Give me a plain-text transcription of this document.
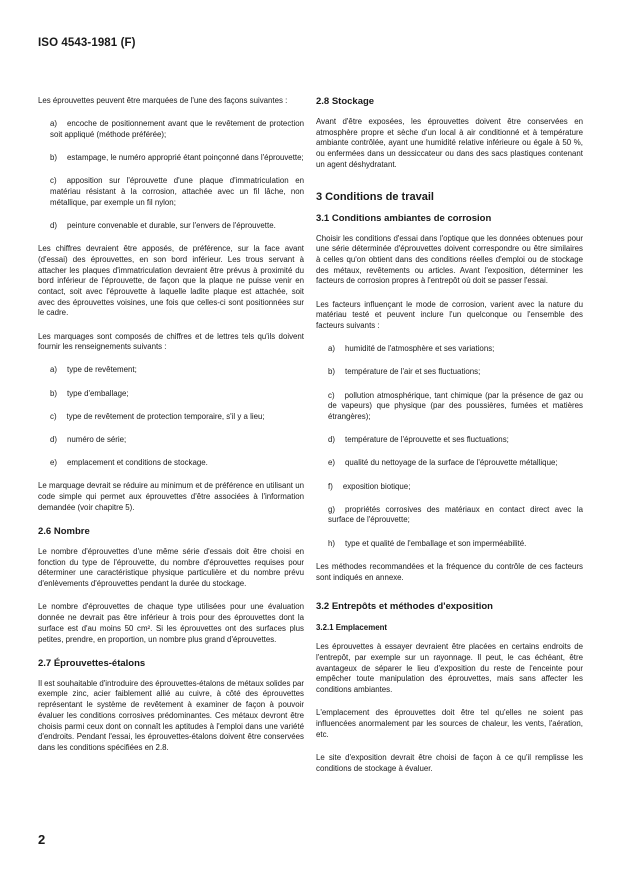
ISO 4543-1981 (F)

Les éprouvettes peuvent être marquées de l'une des façons suivantes :

a) encoche de positionnement avant que le revêtement de protection soit appliqué (méthode préférée);

b) estampage, le numéro approprié étant poinçonné dans l'éprouvette;

c) apposition sur l'éprouvette d'une plaque d'immatriculation en matériau résistant à la corrosion, attachée avec un fil lâche, non métallique, par exemple un fil nylon;

d) peinture convenable et durable, sur l'envers de l'éprouvette.

Les chiffres devraient être apposés, de préférence, sur la face avant (d'essai) des éprouvettes, en son bord inférieur. Les trous servant à attacher les plaques d'immatriculation devraient être prévus à proximité du bord inférieur de l'éprouvette, de façon que la plaque ne puisse venir en contact, soit avec l'éprouvette à laquelle ladite plaque est attachée, soit avec des éprouvettes voisines, une fois que celles-ci sont positionnées sur le cadre.

Les marquages sont composés de chiffres et de lettres tels qu'ils doivent fournir les renseignements suivants :

a) type de revêtement;

b) type d'emballage;

c) type de revêtement de protection temporaire, s'il y a lieu;

d) numéro de série;

e) emplacement et conditions de stockage.

Le marquage devrait se réduire au minimum et de préférence en utilisant un code simple qui permet aux éprouvettes d'être associées à l'information demandée (voir chapitre 5).

2.6 Nombre

Le nombre d'éprouvettes d'une même série d'essais doit être choisi en fonction du type de l'éprouvette, du nombre d'éprouvettes requises pour déterminer une caractéristique physique particulière et du nombre prévu d'enlèvements d'éprouvettes pendant la durée du stockage.

Le nombre d'éprouvettes de chaque type utilisées pour une évaluation donnée ne devrait pas être inférieur à trois pour des éprouvettes dont la surface est d'au moins 50 cm². Si les éprouvettes ont des surfaces plus petites, prendre, en proportion, un nombre plus grand d'éprouvettes.

2.7 Éprouvettes-étalons

Il est souhaitable d'introduire des éprouvettes-étalons de métaux solides par exemple zinc, acier faiblement allié au cuivre, à côté des éprouvettes représentant le système de revêtement à examiner de façon à pouvoir évaluer les conditions corrosives prédominantes. Ces métaux devront être choisis parmi ceux dont on connaît les aptitudes à l'emploi dans une variété d'endroits. Pendant l'essai, les éprouvettes-étalons doivent être conservées dans les conditions spécifiées en 2.8.

2.8 Stockage

Avant d'être exposées, les éprouvettes doivent être conservées en atmosphère propre et sèche d'un local à air conditionné et à température ambiante contrôlée, ayant une humidité relative inférieure ou égale à 50 %, ou enfermées dans un dessiccateur ou dans des sacs plastiques contenant un agent déshydratant.

3 Conditions de travail
3.1 Conditions ambiantes de corrosion

Choisir les conditions d'essai dans l'optique que les données obtenues pour une série déterminée d'éprouvettes doivent correspondre ou être similaires à celles qu'on obtient dans des conditions réelles d'emploi ou de stockage des métaux, revêtements ou articles. Avant l'exposition, déterminer les facteurs de corrosion propres à l'entrepôt où doit se passer l'essai.

Les facteurs influençant le mode de corrosion, varient avec la nature du matériau testé et peuvent inclure l'un quelconque ou l'ensemble des facteurs suivants :

a) humidité de l'atmosphère et ses variations;

b) température de l'air et ses fluctuations;

c) pollution atmosphérique, tant chimique (par la présence de gaz ou de vapeurs) que physique (par des poussières, fumées et matières étrangères);

d) température de l'éprouvette et ses fluctuations;

e) qualité du nettoyage de la surface de l'éprouvette métallique;

f) exposition biotique;

g) propriétés corrosives des matériaux en contact direct avec la surface de l'éprouvette;

h) type et qualité de l'emballage et son imperméabilité.

Les méthodes recommandées et la fréquence du contrôle de ces facteurs sont indiqués en annexe.

3.2 Entrepôts et méthodes d'exposition
3.2.1 Emplacement

Les éprouvettes à essayer devraient être placées en certains endroits de l'entrepôt, par exemple sur un rayonnage. Il peut, le cas échéant, être avantageux de séparer le lieu d'exposition du reste de l'enceinte pour empêcher toute manipulation des éprouvettes, mais sans affecter les conditions ambiantes.

L'emplacement des éprouvettes doit être tel qu'elles ne soient pas influencées anormalement par les sources de chaleur, les vents, l'aération, etc.

Le site d'exposition devrait être choisi de façon à ce qu'il remplisse les conditions de stockage à évaluer.

2
